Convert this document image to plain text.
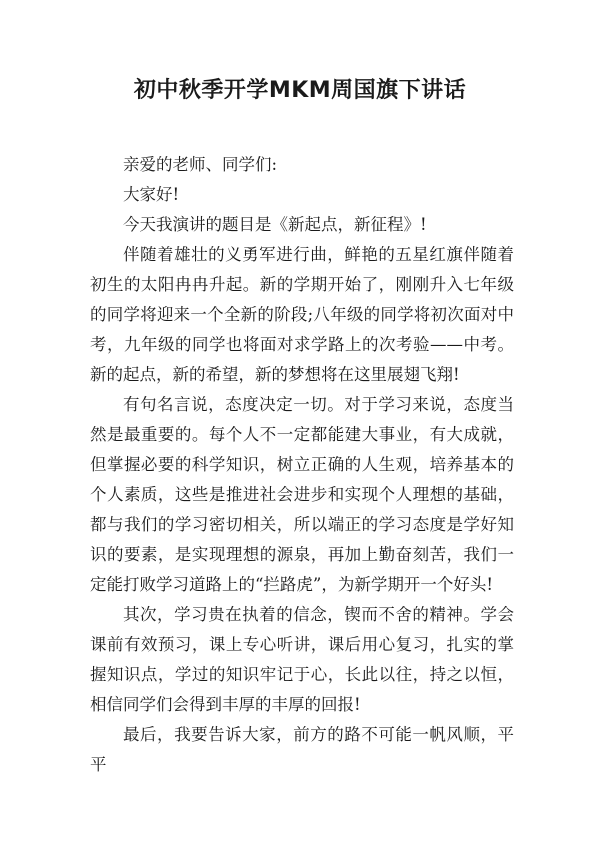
初中秋季开学MKM周国旗下讲话

亲爱的老师、同学们:

大家好!

今天我演讲的题目是《新起点，新征程》!

伴随着雄壮的义勇军进行曲，鲜艳的五星红旗伴随着初生的太阳冉冉升起。新的学期开始了，刚刚升入七年级的同学将迎来一个全新的阶段;八年级的同学将初次面对中考，九年级的同学也将面对求学路上的次考验——中考。新的起点，新的希望，新的梦想将在这里展翅飞翔!

有句名言说，态度决定一切。对于学习来说，态度当然是最重要的。每个人不一定都能建大事业，有大成就，但掌握必要的科学知识，树立正确的人生观，培养基本的个人素质，这些是推进社会进步和实现个人理想的基础，都与我们的学习密切相关，所以端正的学习态度是学好知识的要素，是实现理想的源泉，再加上勤奋刻苦，我们一定能打败学习道路上的“拦路虎”，为新学期开一个好头!

其次，学习贵在执着的信念，锲而不舍的精神。学会课前有效预习，课上专心听讲，课后用心复习，扎实的掌握知识点，学过的知识牢记于心，长此以往，持之以恒，相信同学们会得到丰厚的丰厚的回报!

最后，我要告诉大家，前方的路不可能一帆风顺，平平
